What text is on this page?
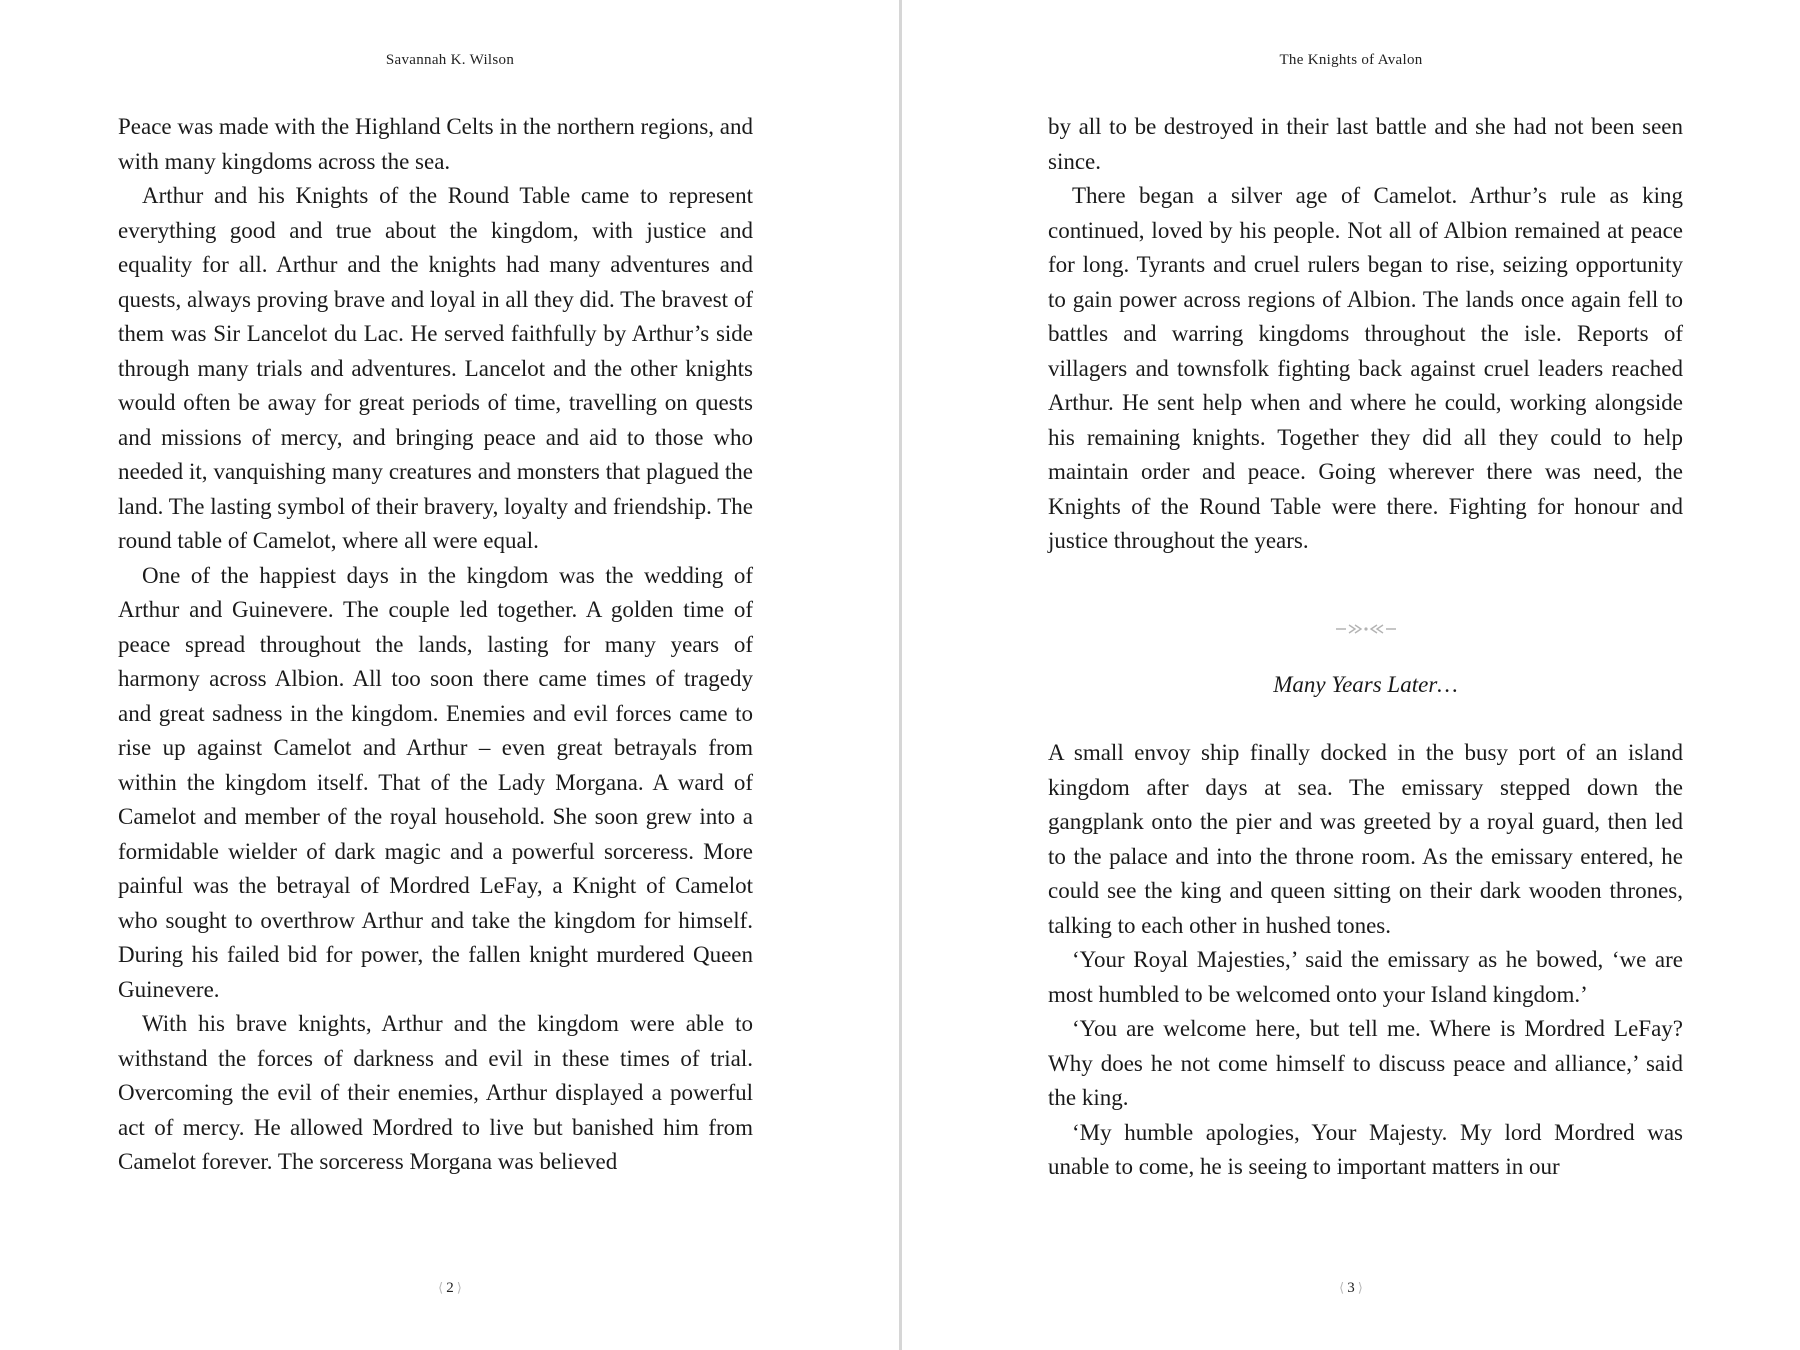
Savannah K. Wilson

Peace was made with the Highland Celts in the northern regions, and with many kingdoms across the sea.

Arthur and his Knights of the Round Table came to represent everything good and true about the kingdom, with justice and equality for all. Arthur and the knights had many adventures and quests, always proving brave and loyal in all they did. The bravest of them was Sir Lancelot du Lac. He served faithfully by Arthur’s side through many trials and adventures. Lancelot and the other knights would often be away for great periods of time, travelling on quests and missions of mercy, and bringing peace and aid to those who needed it, vanquishing many creatures and monsters that plagued the land. The lasting symbol of their bravery, loyalty and friendship. The round table of Camelot, where all were equal.

One of the happiest days in the kingdom was the wedding of Arthur and Guinevere. The couple led together. A golden time of peace spread throughout the lands, lasting for many years of harmony across Albion. All too soon there came times of tragedy and great sadness in the kingdom. Enemies and evil forces came to rise up against Camelot and Arthur – even great betrayals from within the kingdom itself. That of the Lady Morgana. A ward of Camelot and member of the royal household. She soon grew into a formidable wielder of dark magic and a powerful sorceress. More painful was the betrayal of Mordred LeFay, a Knight of Camelot who sought to overthrow Arthur and take the kingdom for himself. During his failed bid for power, the fallen knight murdered Queen Guinevere.

With his brave knights, Arthur and the kingdom were able to withstand the forces of darkness and evil in these times of trial. Overcoming the evil of their enemies, Arthur displayed a powerful act of mercy. He allowed Mordred to live but banished him from Camelot forever. The sorceress Morgana was believed

⟨ 2 ⟩
The Knights of Avalon

by all to be destroyed in their last battle and she had not been seen since.

There began a silver age of Camelot. Arthur’s rule as king continued, loved by his people. Not all of Albion remained at peace for long. Tyrants and cruel rulers began to rise, seizing opportunity to gain power across regions of Albion. The lands once again fell to battles and warring kingdoms throughout the isle. Reports of villagers and townsfolk fighting back against cruel leaders reached Arthur. He sent help when and where he could, working alongside his remaining knights. Together they did all they could to help maintain order and peace. Going wherever there was need, the Knights of the Round Table were there. Fighting for honour and justice throughout the years.

Many Years Later…

A small envoy ship finally docked in the busy port of an island kingdom after days at sea. The emissary stepped down the gangplank onto the pier and was greeted by a royal guard, then led to the palace and into the throne room. As the emissary entered, he could see the king and queen sitting on their dark wooden thrones, talking to each other in hushed tones.

‘Your Royal Majesties,’ said the emissary as he bowed, ‘we are most humbled to be welcomed onto your Island kingdom.’

‘You are welcome here, but tell me. Where is Mordred LeFay? Why does he not come himself to discuss peace and alliance,’ said the king.

‘My humble apologies, Your Majesty. My lord Mordred was unable to come, he is seeing to important matters in our

⟨ 3 ⟩
